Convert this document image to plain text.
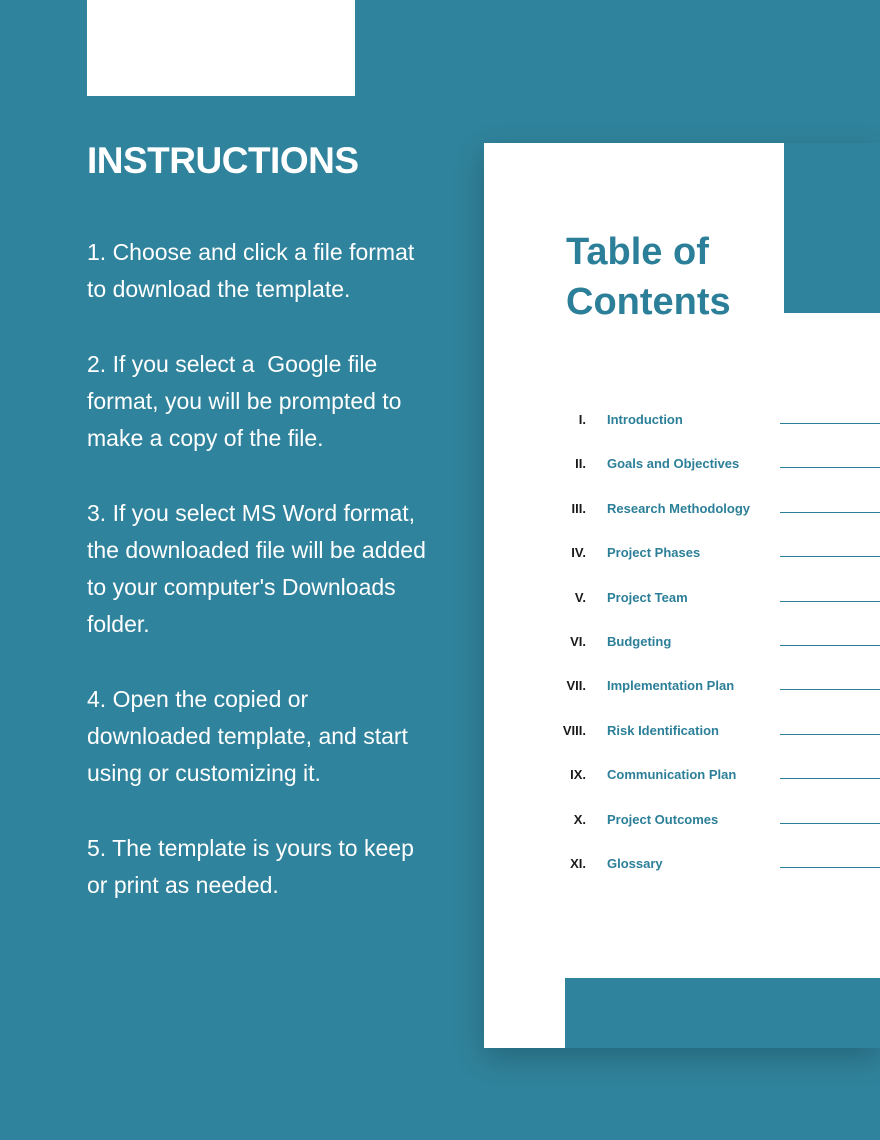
INSTRUCTIONS

1. Choose and click a file format to download the template.

2. If you select a  Google file format, you will be prompted to make a copy of the file.

3. If you select MS Word format, the downloaded file will be added to your computer's Downloads folder.

4. Open the copied or downloaded template, and start using or customizing it.

5. The template is yours to keep or print as needed.

Table of
Contents
I. Introduction
II. Goals and Objectives
III. Research Methodology
IV. Project Phases
V. Project Team
VI. Budgeting
VII. Implementation Plan
VIII. Risk Identification
IX. Communication Plan
X. Project Outcomes
XI. Glossary
